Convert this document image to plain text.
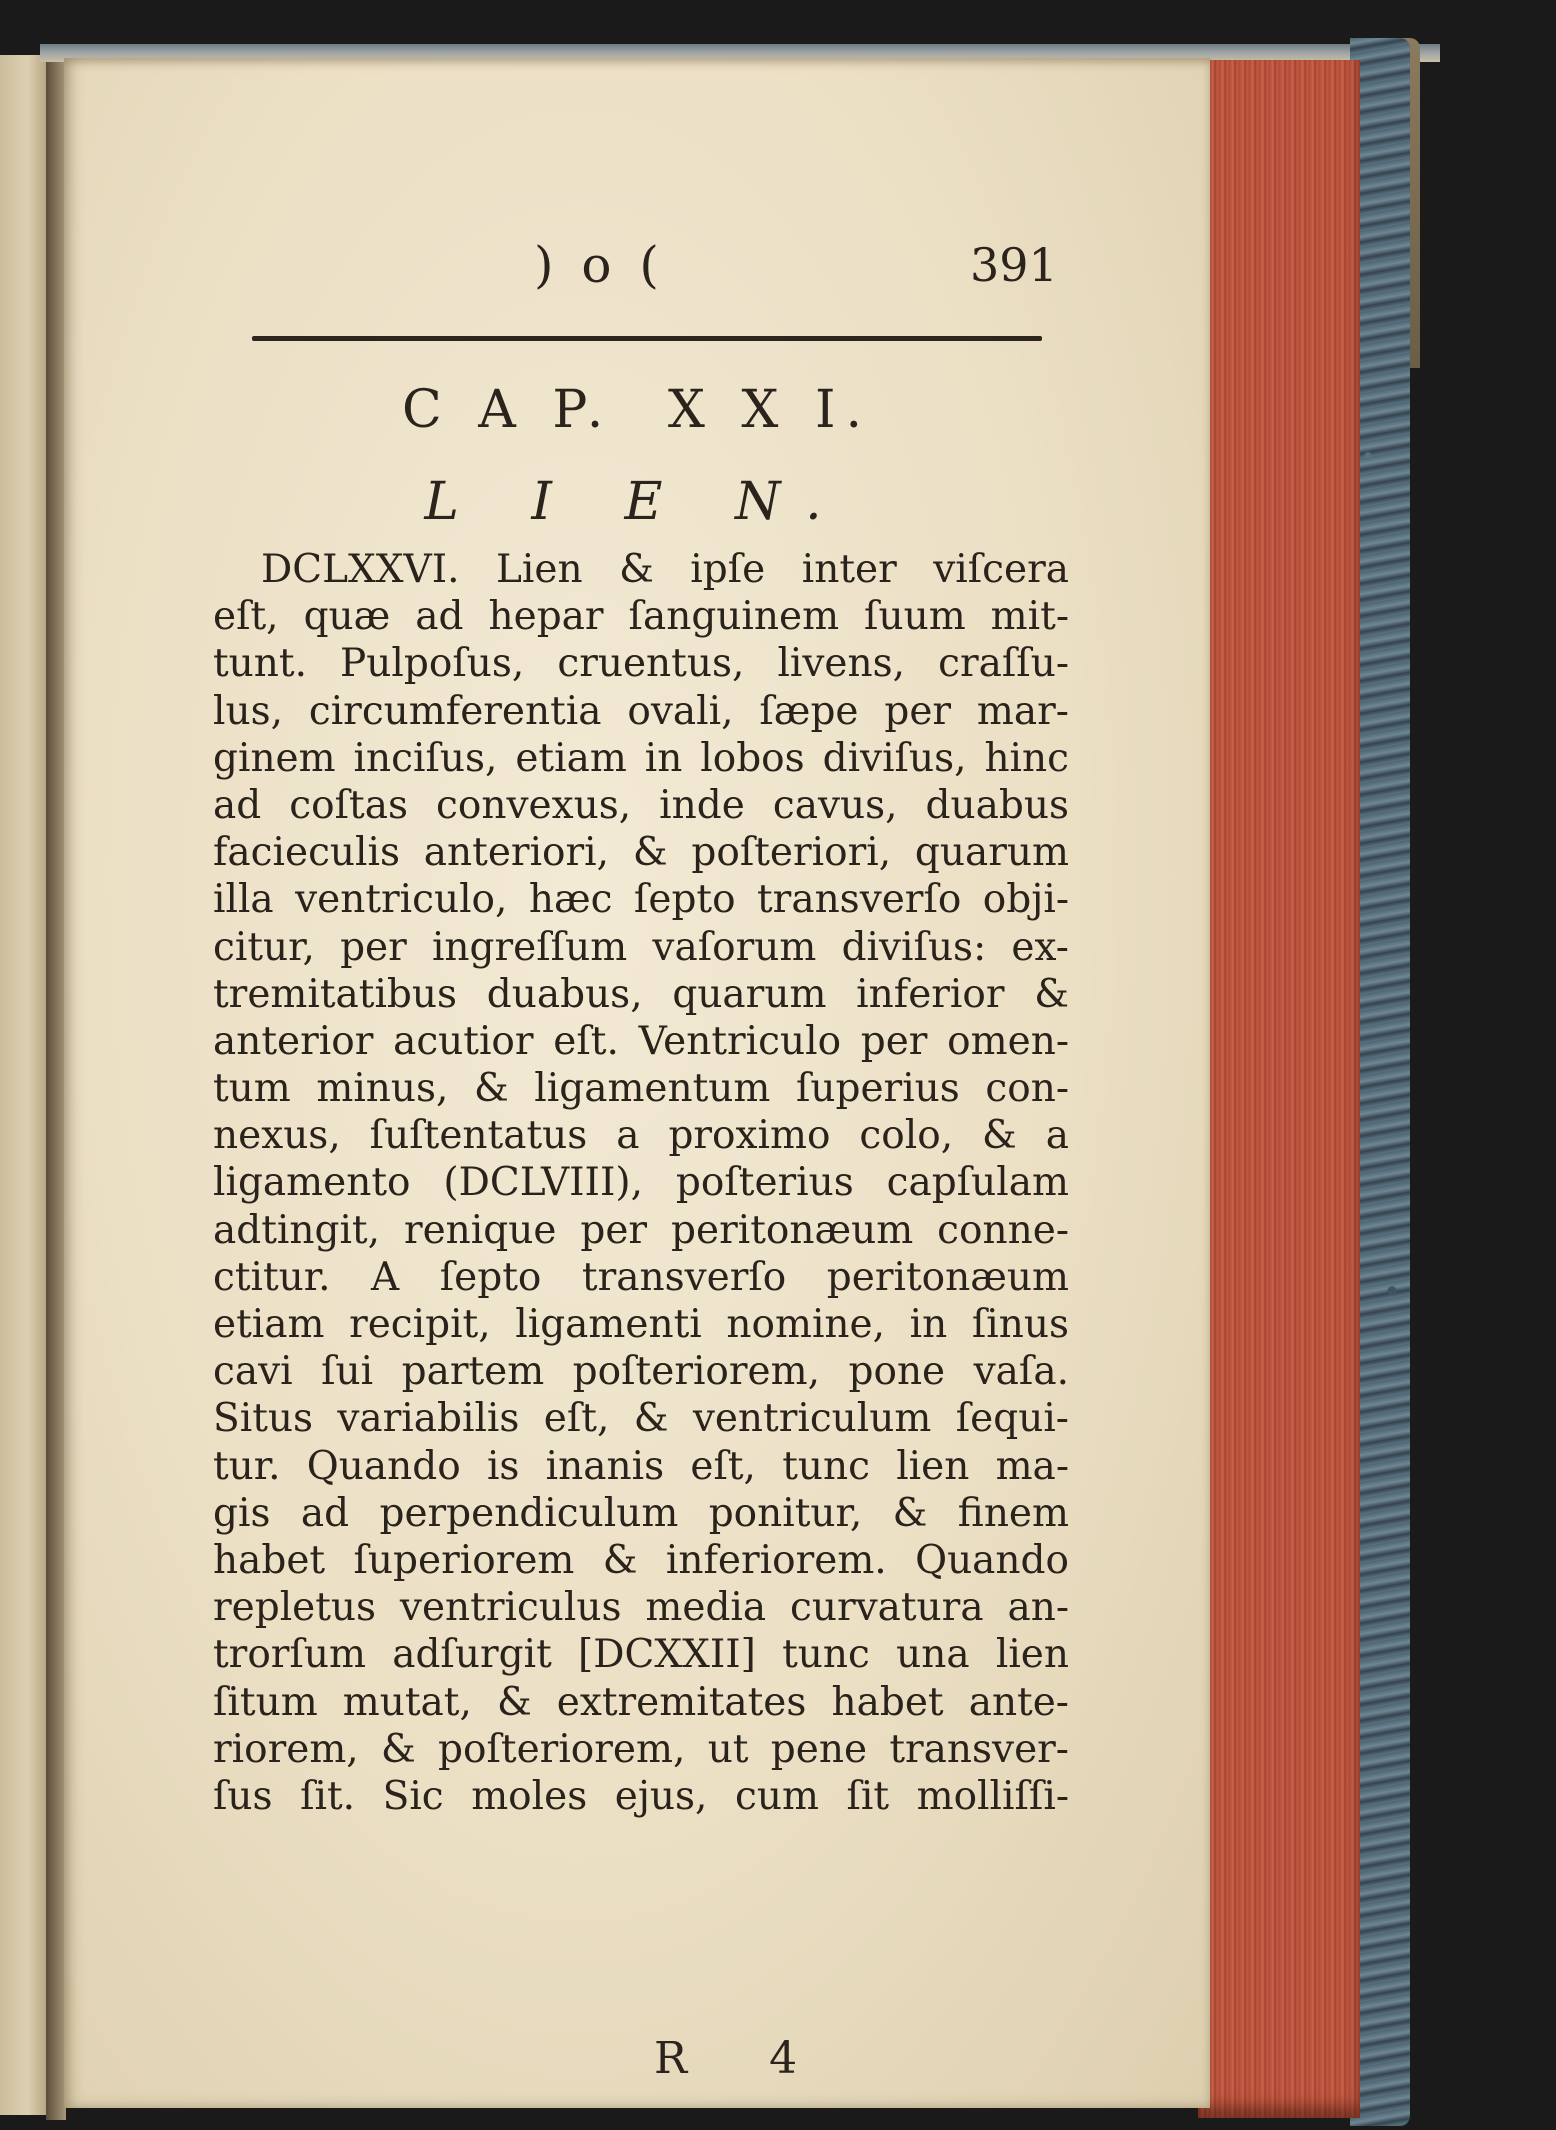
) o (	391
C A P. X X I.
L I E N.
DCLXXVI. Lien & ipſe inter viſcera
eſt, quæ ad hepar ſanguinem ſuum mit-
tunt. Pulpoſus, cruentus, livens, craſſu-
lus, circumferentia ovali, ſæpe per mar-
ginem inciſus, etiam in lobos diviſus, hinc
ad coſtas convexus, inde cavus, duabus
facieculis anteriori, & poſteriori, quarum
illa ventriculo, hæc ſepto transverſo obji-
citur, per ingreſſum vaſorum diviſus: ex-
tremitatibus duabus, quarum inferior &
anterior acutior eſt. Ventriculo per omen-
tum minus, & ligamentum ſuperius con-
nexus, ſuſtentatus a proximo colo, & a
ligamento (DCLVIII), poſterius capſulam
adtingit, renique per peritonæum conne-
ctitur. A ſepto transverſo peritonæum
etiam recipit, ligamenti nomine, in ſinus
cavi ſui partem poſteriorem, pone vaſa.
Situs variabilis eſt, & ventriculum ſequi-
tur. Quando is inanis eſt, tunc lien ma-
gis ad perpendiculum ponitur, & finem
habet ſuperiorem & inferiorem. Quando
repletus ventriculus media curvatura an-
trorſum adſurgit [DCXXII] tunc una lien
ſitum mutat, & extremitates habet ante-
riorem, & poſteriorem, ut pene transver-
ſus ſit. Sic moles ejus, cum ſit molliſſi-
R 4
